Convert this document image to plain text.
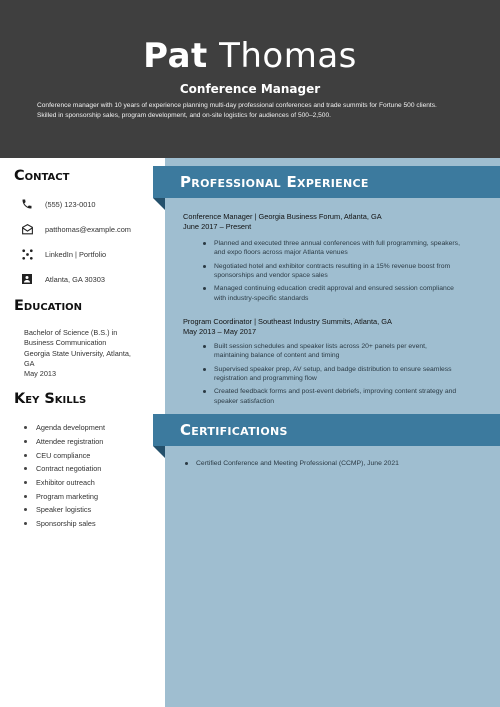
Pat Thomas
Conference Manager
Conference manager with 10 years of experience planning multi-day professional conferences and trade summits for Fortune 500 clients.
Skilled in sponsorship sales, program development, and on-site logistics for audiences of 500–2,500.
Contact
(555) 123-0010
patthomas@example.com
LinkedIn | Portfolio
Atlanta, GA 30303
Education
Bachelor of Science (B.S.) in
Business Communication
Georgia State University, Atlanta,
GA
May 2013
Key Skills
Agenda development
Attendee registration
CEU compliance
Contract negotiation
Exhibitor outreach
Program marketing
Speaker logistics
Sponsorship sales
Professional Experience
Conference Manager | Georgia Business Forum, Atlanta, GA
June 2017 – Present
Planned and executed three annual conferences with full programming, speakers,
and expo floors across major Atlanta venues
Negotiated hotel and exhibitor contracts resulting in a 15% revenue boost from
sponsorships and vendor space sales
Managed continuing education credit approval and ensured session compliance
with industry-specific standards
Program Coordinator | Southeast Industry Summits, Atlanta, GA
May 2013 – May 2017
Built session schedules and speaker lists across 20+ panels per event,
maintaining balance of content and timing
Supervised speaker prep, AV setup, and badge distribution to ensure seamless
registration and programming flow
Created feedback forms and post-event debriefs, improving content strategy and
speaker satisfaction
Certifications
Certified Conference and Meeting Professional (CCMP), June 2021
